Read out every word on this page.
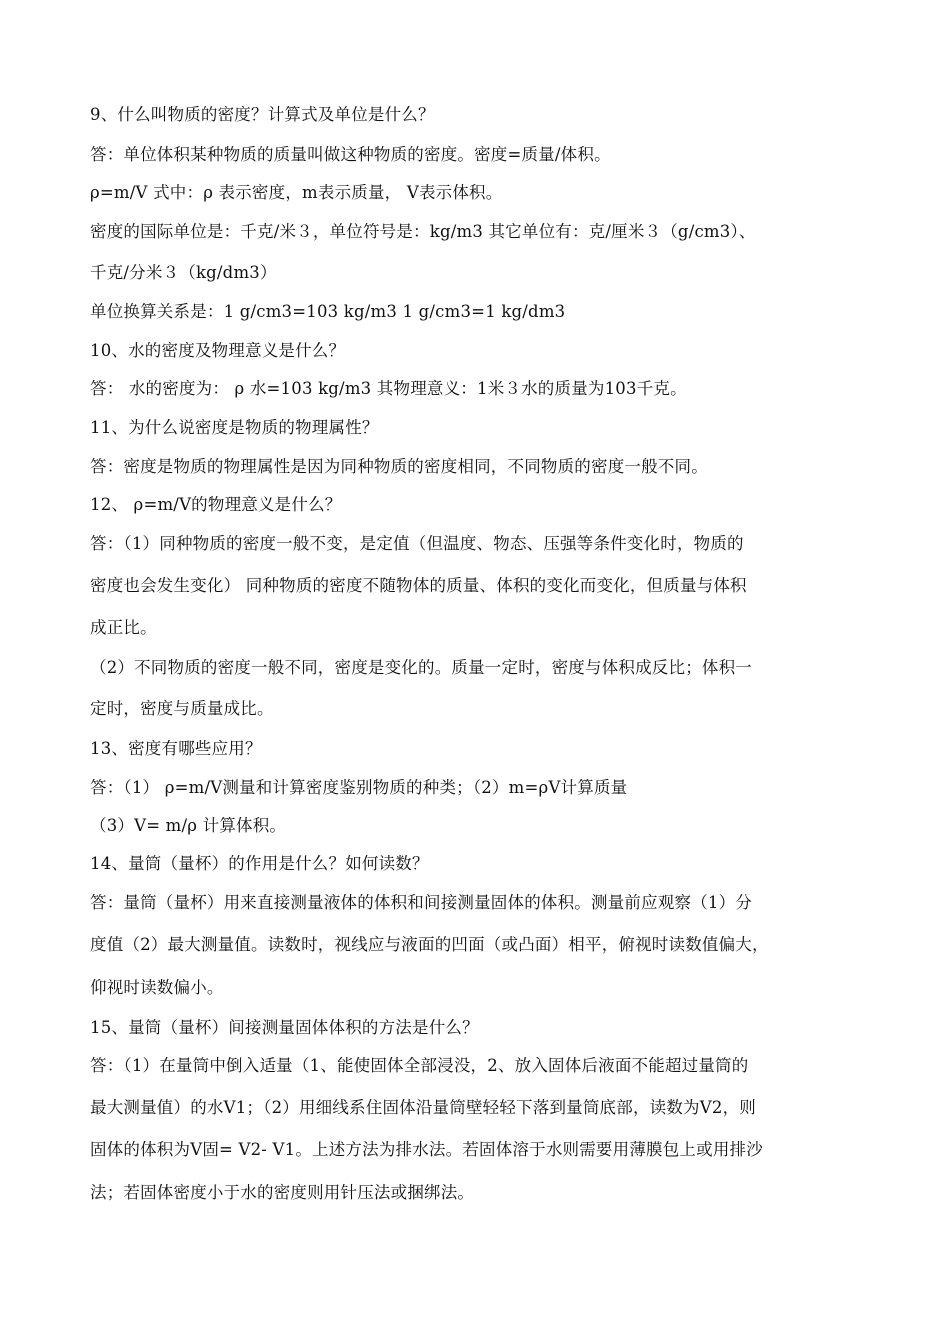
9、什么叫物质的密度？计算式及单位是什么？
答：单位体积某种物质的质量叫做这种物质的密度。密度=质量/体积。
ρ=m/V 式中：ρ 表示密度，m表示质量， V表示体积。
密度的国际单位是：千克/米３，单位符号是：kg/m3 其它单位有：克/厘米３（g/cm3）、
千克/分米３（kg/dm3）
单位换算关系是：1 g/cm3=103 kg/m3 1 g/cm3=1 kg/dm3
10、水的密度及物理意义是什么？
答： 水的密度为： ρ 水=103 kg/m3 其物理意义：1米３水的质量为103千克。
11、为什么说密度是物质的物理属性？
答：密度是物质的物理属性是因为同种物质的密度相同，不同物质的密度一般不同。
12、 ρ=m/V的物理意义是什么？
答：（1）同种物质的密度一般不变，是定值（但温度、物态、压强等条件变化时，物质的
密度也会发生变化） 同种物质的密度不随物体的质量、体积的变化而变化，但质量与体积
成正比。
（2）不同物质的密度一般不同，密度是变化的。质量一定时，密度与体积成反比；体积一
定时，密度与质量成比。
13、密度有哪些应用？
答：（1） ρ=m/V测量和计算密度鉴别物质的种类；（2）m=ρV计算质量
（3）V= m/ρ 计算体积。
14、量筒（量杯）的作用是什么？如何读数？
答：量筒（量杯）用来直接测量液体的体积和间接测量固体的体积。测量前应观察（1）分
度值（2）最大测量值。读数时，视线应与液面的凹面（或凸面）相平，俯视时读数值偏大，
仰视时读数偏小。
15、量筒（量杯）间接测量固体体积的方法是什么？
答：（1）在量筒中倒入适量（1、能使固体全部浸没，2、放入固体后液面不能超过量筒的
最大测量值）的水V1；（2）用细线系住固体沿量筒壁轻轻下落到量筒底部，读数为V2，则
固体的体积为V固= V2- V1。上述方法为排水法。若固体溶于水则需要用薄膜包上或用排沙
法；若固体密度小于水的密度则用针压法或捆绑法。
